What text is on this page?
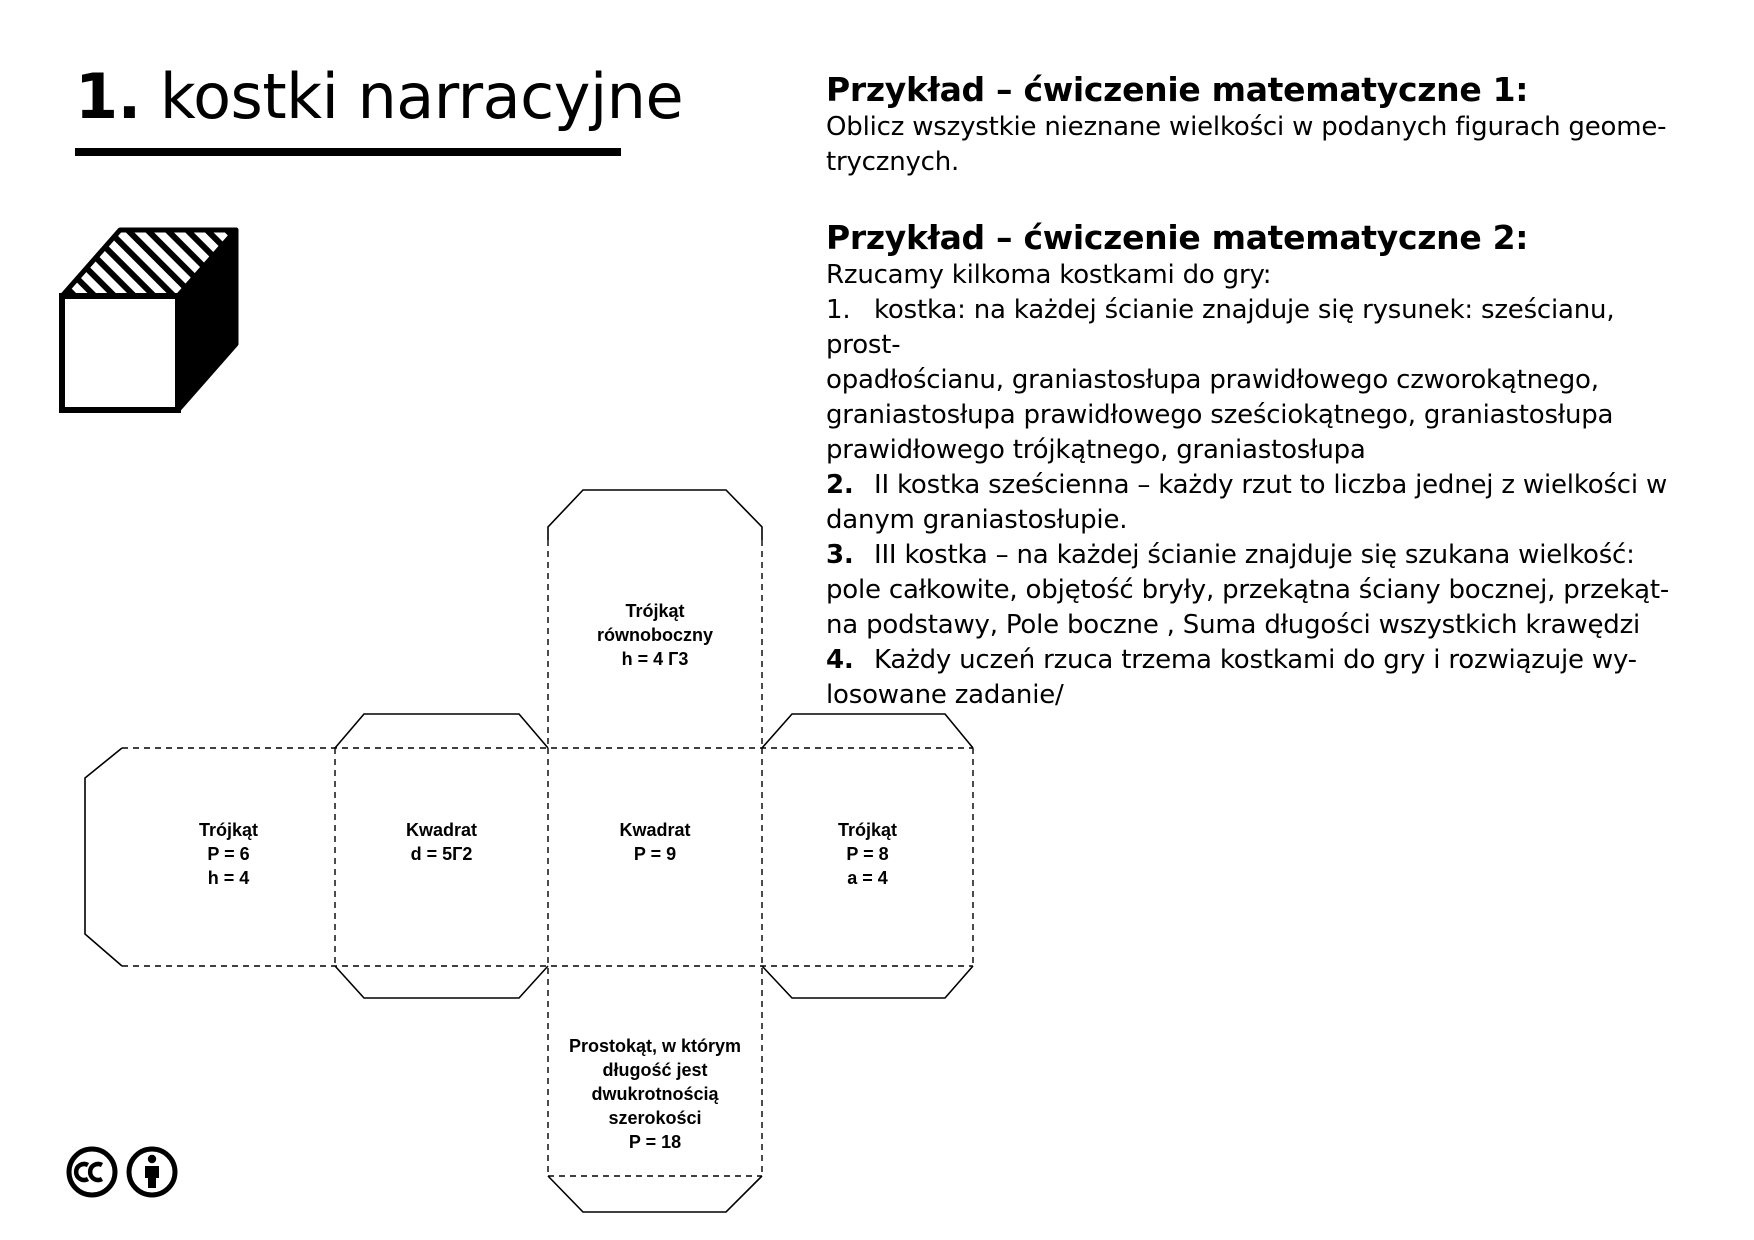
1. kostki narracyjne	Przykład – ćwiczenie matematyczne 1:

Oblicz wszystkie nieznane wielkości w podanych figurach geome-

trycznych.

Przykład – ćwiczenie matematyczne 2:

Rzucamy kilkoma kostkami do gry:

1. kostka: na każdej ścianie znajduje się rysunek: sześcianu, prost-
opadłościanu, graniastosłupa prawidłowego czworokątnego,
graniastosłupa prawidłowego sześciokątnego, graniastosłupa
prawidłowego trójkątnego, graniastosłupa
2. II kostka sześcienna – każdy rzut to liczba jednej z wielkości w
danym graniastosłupie.
3. III kostka – na każdej ścianie znajduje się szukana wielkość:
pole całkowite, objętość bryły, przekątna ściany bocznej, przekąt-
na podstawy, Pole boczne , Suma długości wszystkich krawędzi
4. Każdy uczeń rzuca trzema kostkami do gry i rozwiązuje wy-
losowane zadanie/
Trójkąt
równoboczny
h = 4 Г3
Trójkąt
P = 6
h = 4
Kwadrat
d = 5Г2
Kwadrat
P = 9
Trójkąt
P = 8
a = 4
Prostokąt, w którym
długość jest
dwukrotnością
szerokości
P = 18
